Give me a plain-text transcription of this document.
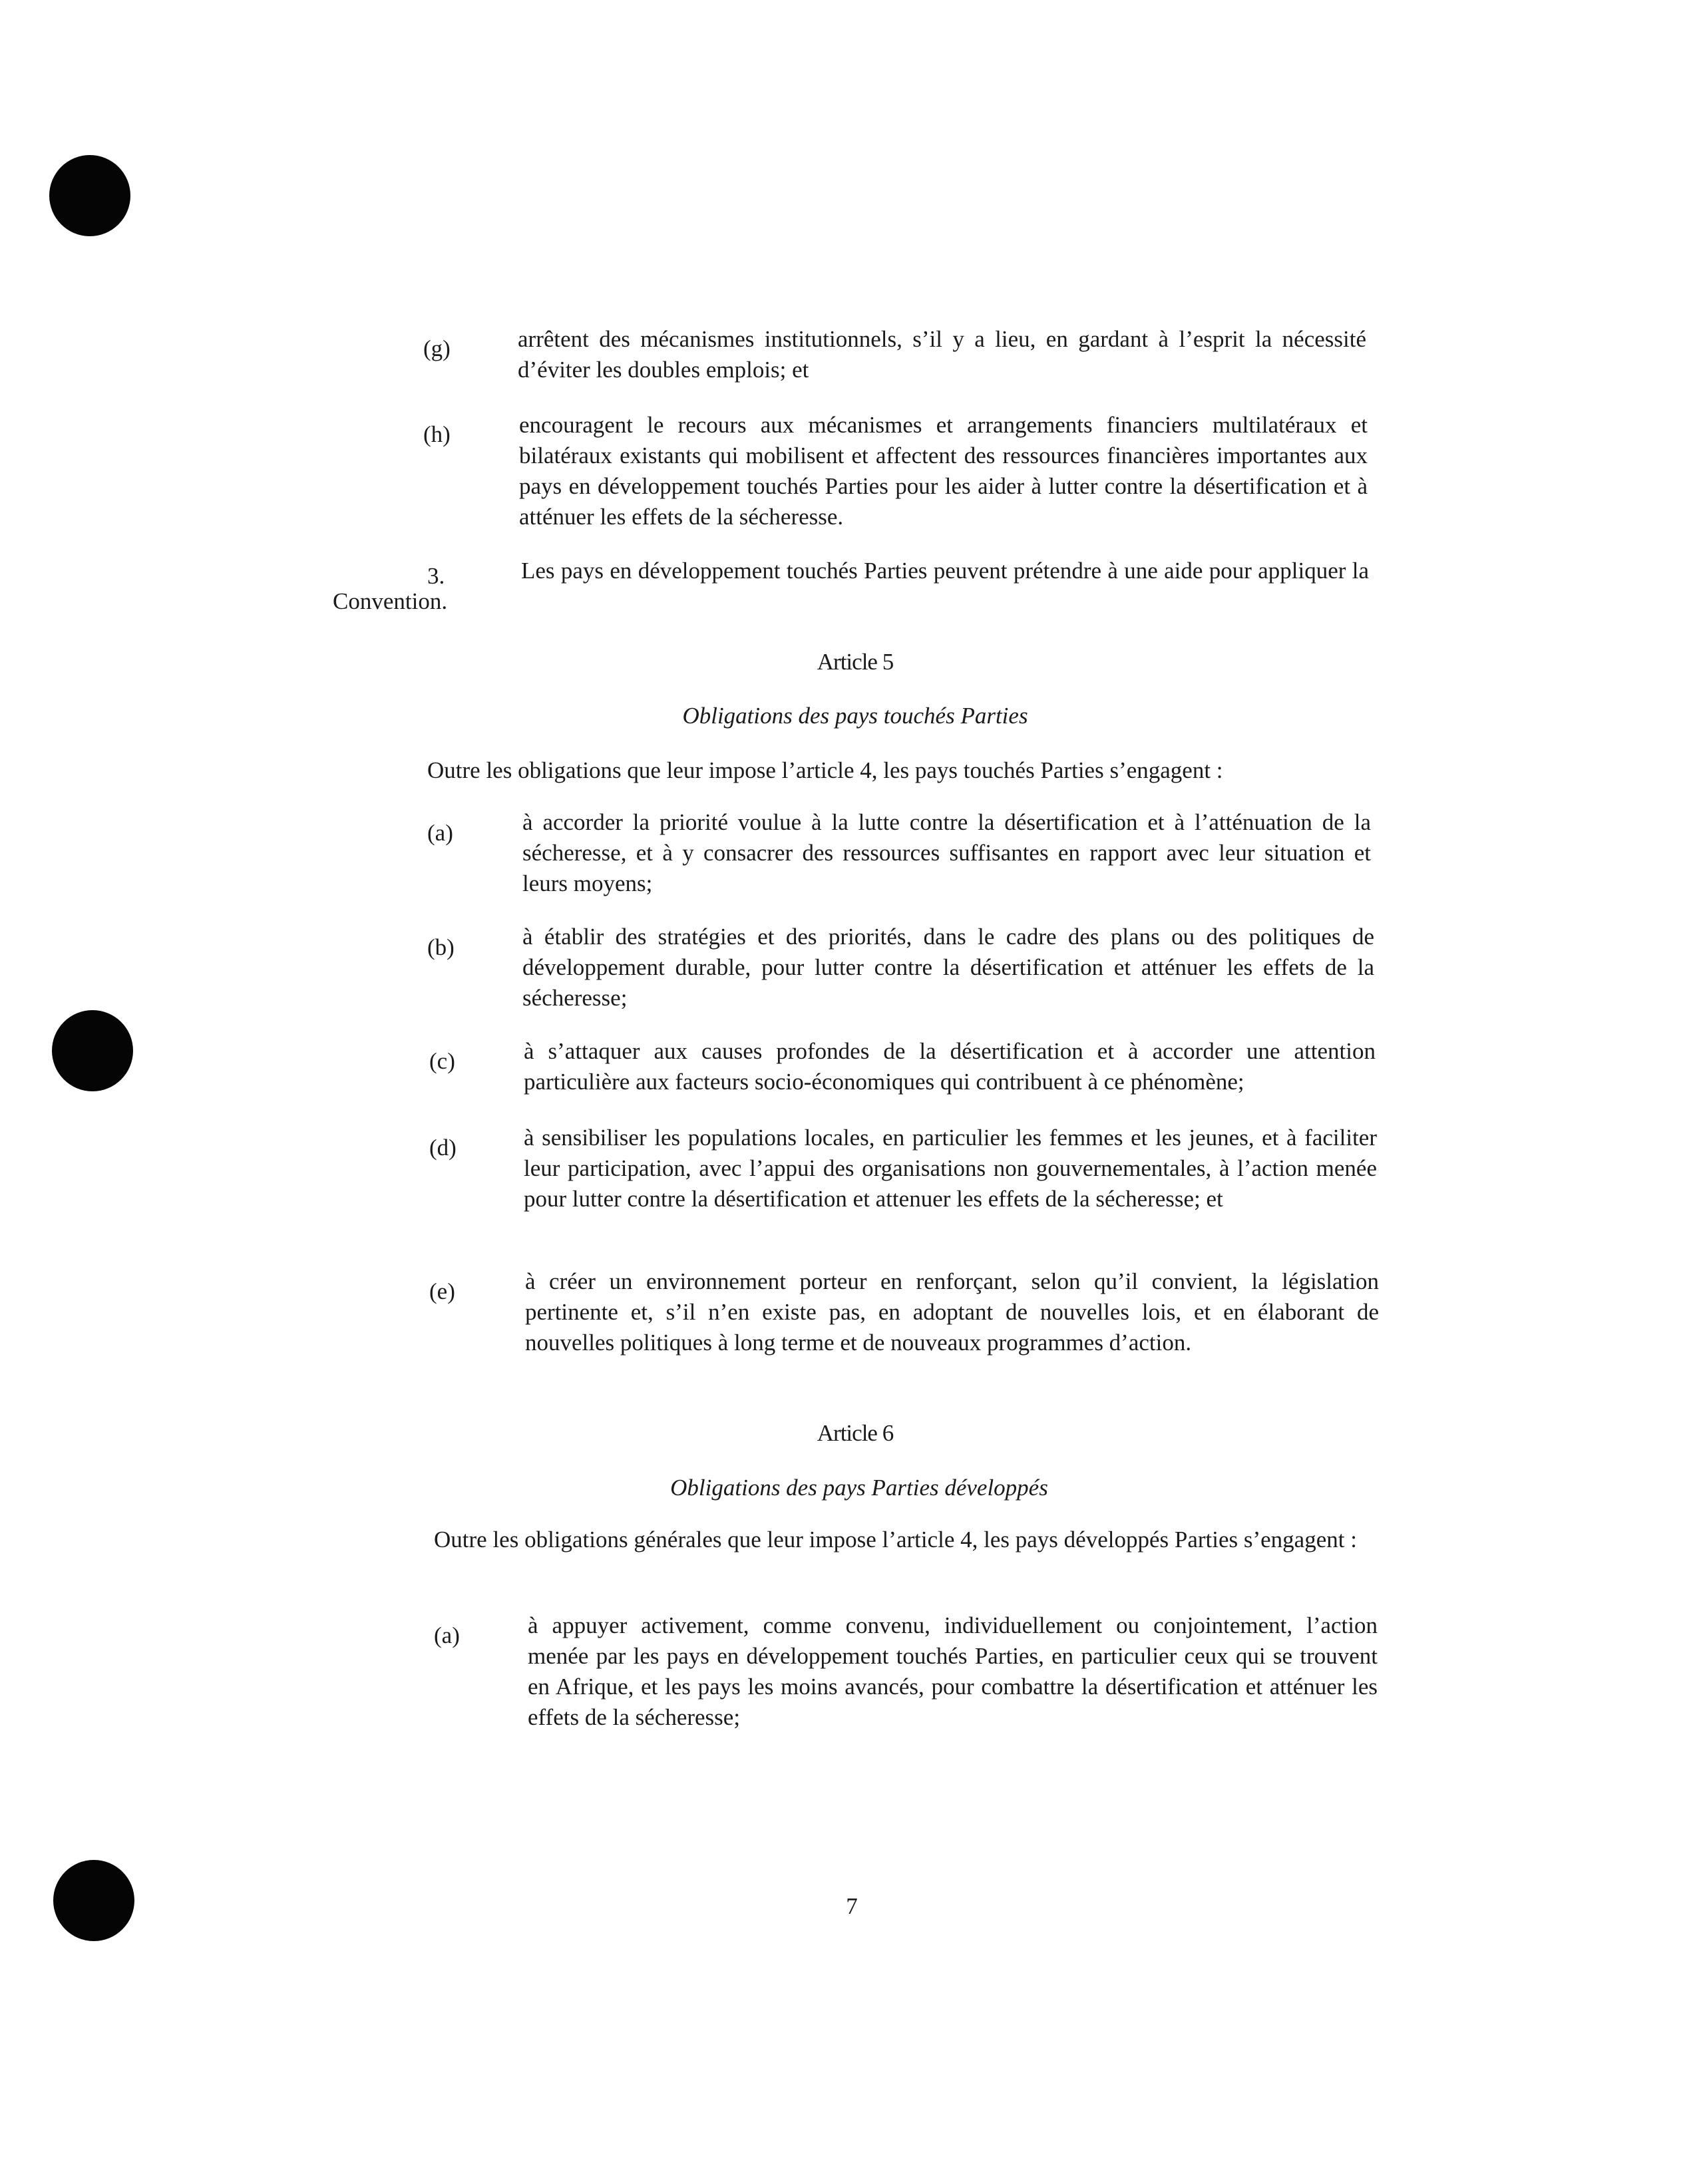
(g)	arrêtent des mécanismes institutionnels, s’il y a lieu, en gardant à l’esprit la nécessité d’éviter les doubles emplois; et
(h)	encouragent le recours aux mécanismes et arrangements financiers multilatéraux et bilatéraux existants qui mobilisent et affectent des ressources financières importantes aux pays en développement touchés Parties pour les aider à lutter contre la désertification et à atténuer les effets de la sécheresse.
3.	Les pays en développement touchés Parties peuvent prétendre à une aide pour appliquer la Convention.
Article 5
Obligations des pays touchés Parties
Outre les obligations que leur impose l’article 4, les pays touchés Parties s’engagent :
(a)	à accorder la priorité voulue à la lutte contre la désertification et à l’atténuation de la sécheresse, et à y consacrer des ressources suffisantes en rapport avec leur situation et leurs moyens;
(b)	à établir des stratégies et des priorités, dans le cadre des plans ou des politiques de développement durable, pour lutter contre la désertification et atténuer les effets de la sécheresse;
(c)	à s’attaquer aux causes profondes de la désertification et à accorder une attention particulière aux facteurs socio-économiques qui contribuent à ce phénomène;
(d)	à sensibiliser les populations locales, en particulier les femmes et les jeunes, et à faciliter leur participation, avec l’appui des organisations non gouvernementales, à l’action menée pour lutter contre la désertification et attenuer les effets de la sécheresse; et
(e)	à créer un environnement porteur en renforçant, selon qu’il convient, la législation pertinente et, s’il n’en existe pas, en adoptant de nouvelles lois, et en élaborant de nouvelles politiques à long terme et de nouveaux programmes d’action.
Article 6
Obligations des pays Parties développés
Outre les obligations générales que leur impose l’article 4, les pays développés Parties s’engagent :
(a)	à appuyer activement, comme convenu, individuellement ou conjointement, l’action menée par les pays en développement touchés Parties, en particulier ceux qui se trouvent en Afrique, et les pays les moins avancés, pour combattre la désertification et atténuer les effets de la sécheresse;
7
